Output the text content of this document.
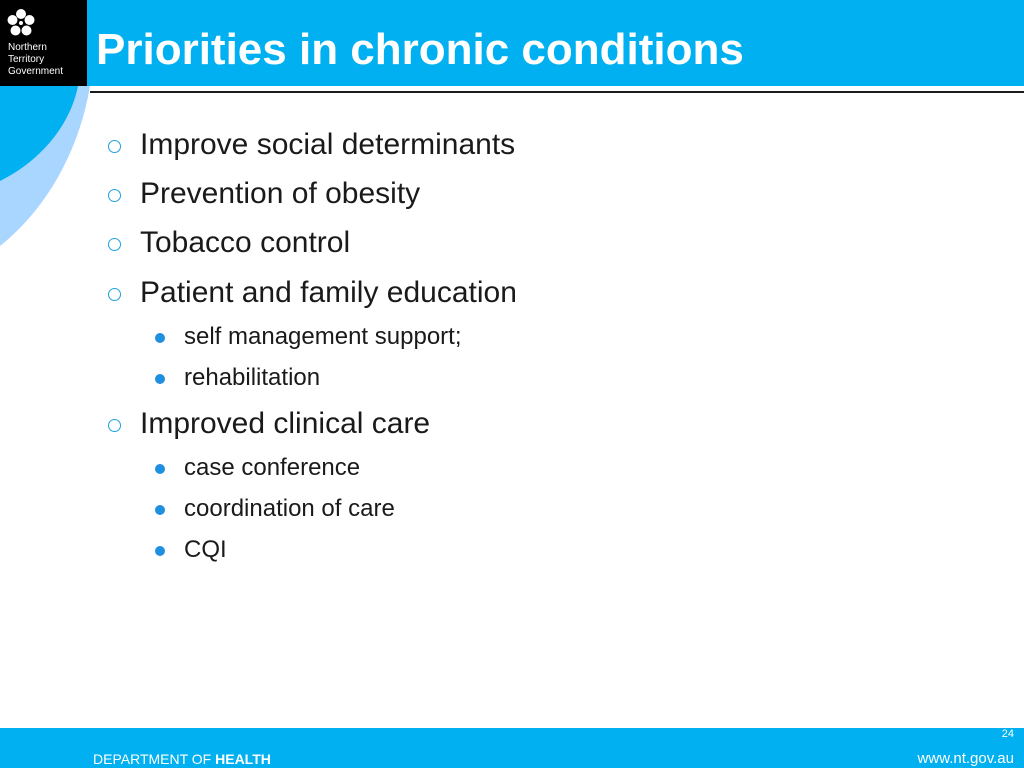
Priorities in chronic conditions
Northern
Territory
Government
Improve social determinants
Prevention of obesity
Tobacco control
Patient and family education
self management support;
rehabilitation
Improved clinical care
case conference
coordination of care
CQI
24
DEPARTMENT OF HEALTH	www.nt.gov.au
